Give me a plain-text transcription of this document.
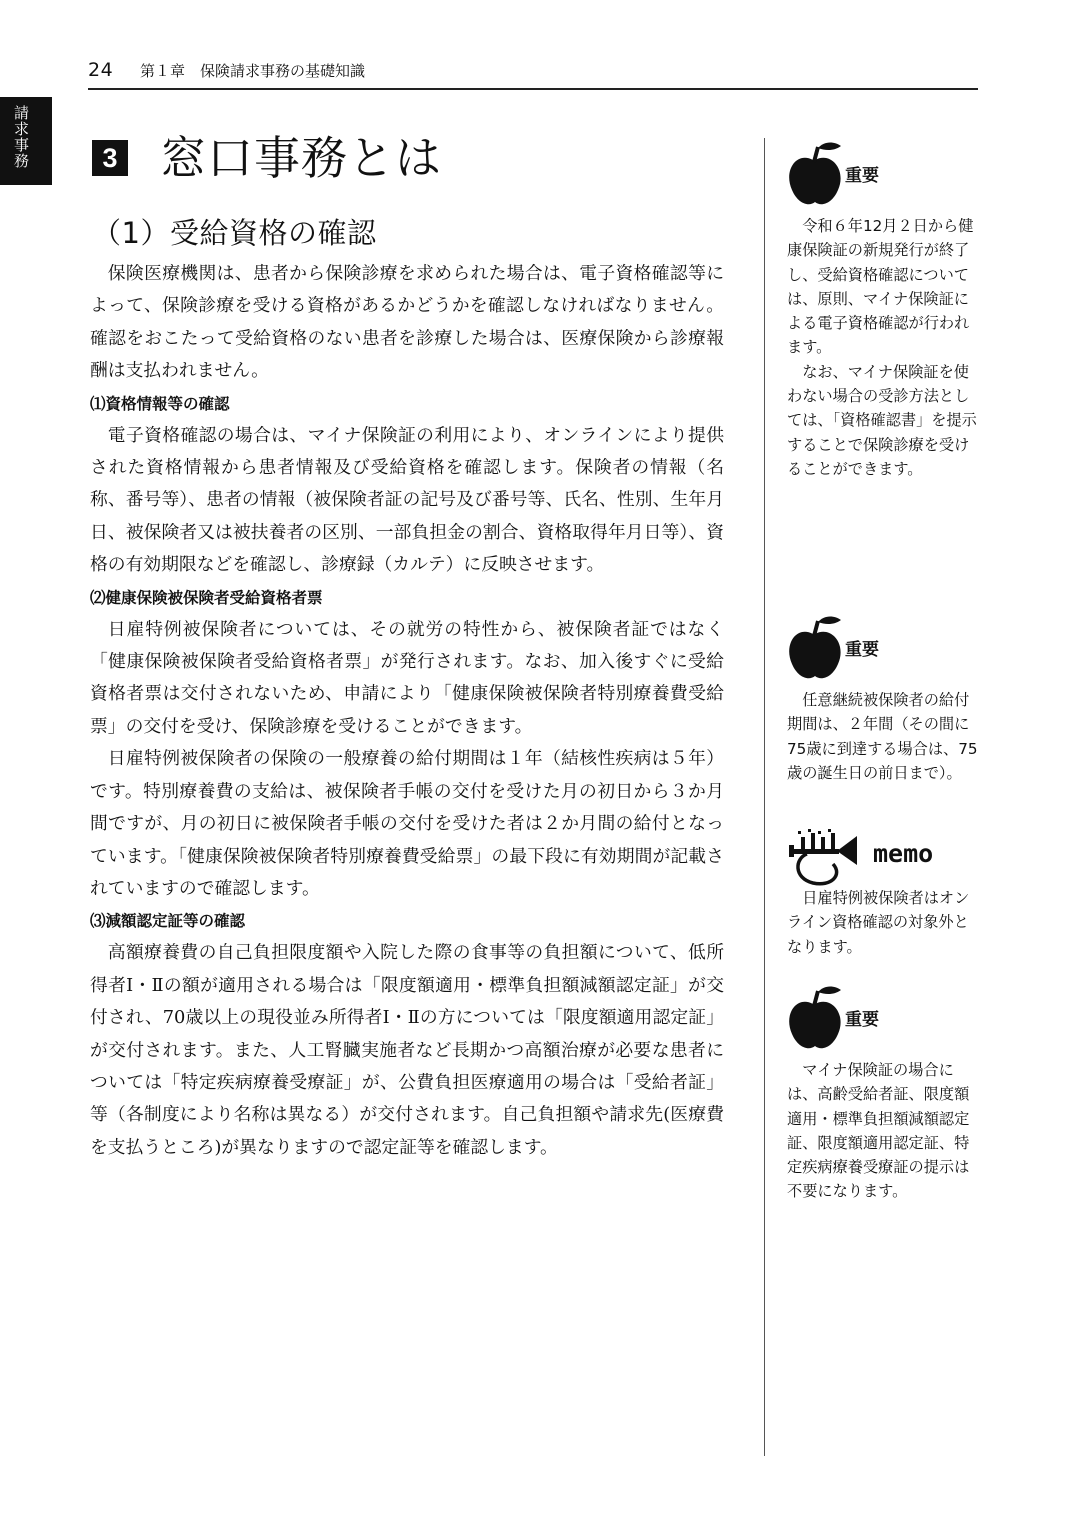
24 第１章　保険請求事務の基礎知識
請求事務	3 窓口事務とは
（1）受給資格の確認

保険医療機関は、患者から保険診療を求められた場合は、電子資格確認等によって、保険診療を受ける資格があるかどうかを確認しなければなりません。確認をおこたって受給資格のない患者を診療した場合は、医療保険から診療報酬は支払われません。

⑴資格情報等の確認

電子資格確認の場合は、マイナ保険証の利用により、オンラインにより提供された資格情報から患者情報及び受給資格を確認します。保険者の情報（名称、番号等）、患者の情報（被保険者証の記号及び番号等、氏名、性別、生年月日、被保険者又は被扶養者の区別、一部負担金の割合、資格取得年月日等）、資格の有効期限などを確認し、診療録（カルテ）に反映させます。

⑵健康保険被保険者受給資格者票

日雇特例被保険者については、その就労の特性から、被保険者証ではなく「健康保険被保険者受給資格者票」が発行されます。なお、加入後すぐに受給資格者票は交付されないため、申請により「健康保険被保険者特別療養費受給票」の交付を受け、保険診療を受けることができます。

日雇特例被保険者の保険の一般療養の給付期間は１年（結核性疾病は５年）です。特別療養費の支給は、被保険者手帳の交付を受けた月の初日から３か月間ですが、月の初日に被保険者手帳の交付を受けた者は２か月間の給付となっています。「健康保険被保険者特別療養費受給票」の最下段に有効期間が記載されていますので確認します。

⑶減額認定証等の確認

高額療養費の自己負担限度額や入院した際の食事等の負担額について、低所得者Ⅰ・Ⅱの額が適用される場合は「限度額適用・標準負担額減額認定証」が交付され、70歳以上の現役並み所得者Ⅰ・Ⅱの方については「限度額適用認定証」が交付されます。また、人工腎臓実施者など長期かつ高額治療が必要な患者については「特定疾病療養受療証」が、公費負担医療適用の場合は「受給者証」等（各制度により名称は異なる）が交付されます。自己負担額や請求先(医療費を支払うところ)が異なりますので認定証等を確認します。

重要

令和６年12月２日から健康保険証の新規発行が終了し、受給資格確認については、原則、マイナ保険証による電子資格確認が行われます。

なお、マイナ保険証を使わない場合の受診方法としては、「資格確認書」を提示することで保険診療を受けることができます。

重要

任意継続被保険者の給付期間は、２年間（その間に75歳に到達する場合は、75歳の誕生日の前日まで）。

memo

日雇特例被保険者はオンライン資格確認の対象外となります。

重要

マイナ保険証の場合には、高齢受給者証、限度額適用・標準負担額減額認定証、限度額適用認定証、特定疾病療養受療証の提示は不要になります。
